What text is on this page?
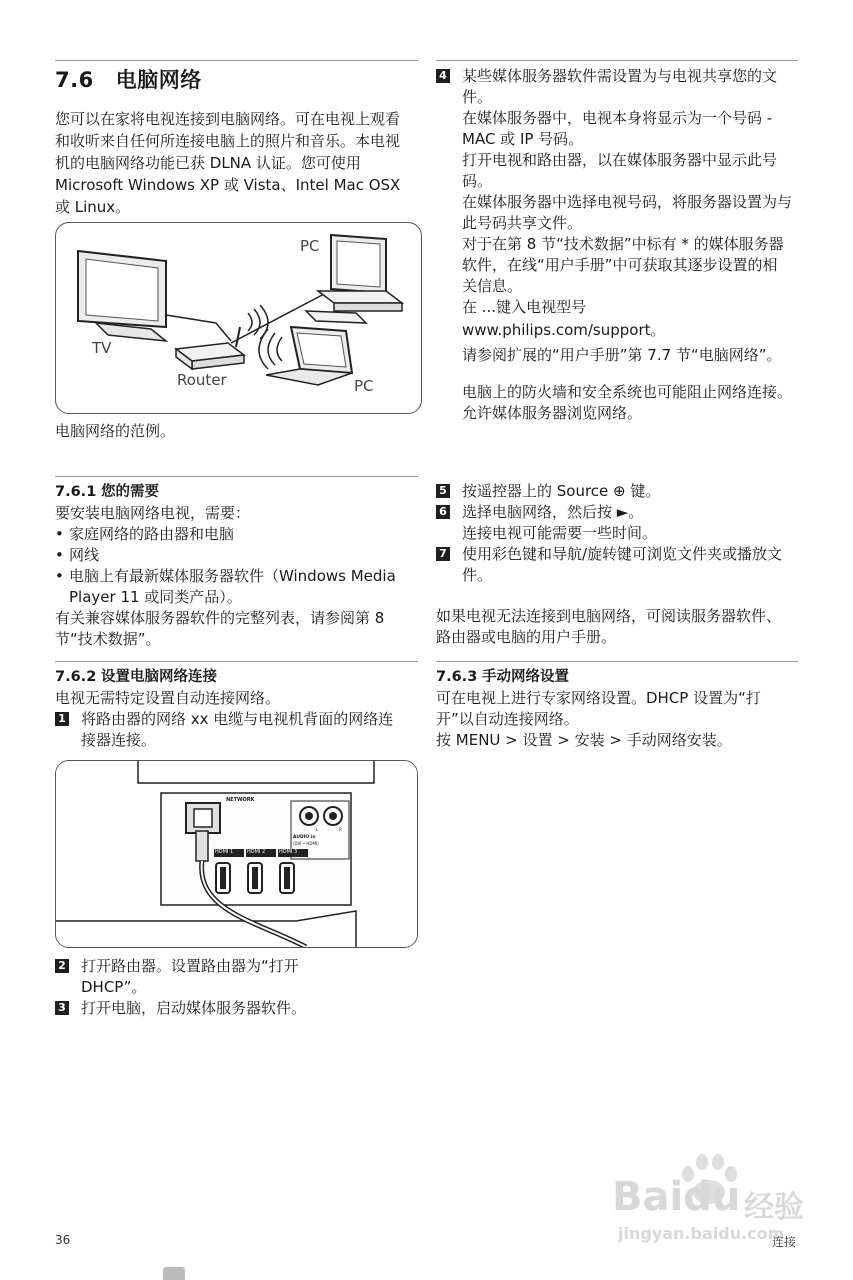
7.6 电脑网络

您可以在家将电视连接到电脑网络。可在电视上观看和收听来自任何所连接电脑上的照片和音乐。本电视机的电脑网络功能已获 DLNA 认证。您可使用 Microsoft Windows XP 或 Vista、Intel Mac OSX 或 Linux。

PC
TV
Router	PC

电脑网络的范例。

7.6.1 您的需要

要安装电脑网络电视，需要：

• 家庭网络的路由器和电脑
• 网线
• 电脑上有最新媒体服务器软件（Windows Media Player 11 或同类产品）。

有关兼容媒体服务器软件的完整列表，请参阅第 8 节“技术数据”。

7.6.2 设置电脑网络连接

电视无需特定设置自动连接网络。

1 将路由器的网络 xx 电缆与电视机背面的网络连接器连接。
NETWORK
HDMI 1	HDMI 2	HDMI 3
L	R
AUDIO in
(DVI • HDMI)
2 打开路由器。设置路由器为“打开 DHCP”。
3 打开电脑，启动媒体服务器软件。
4 某些媒体服务器软件需设置为与电视共享您的文件。

在媒体服务器中，电视本身将显示为一个号码 - MAC 或 IP 号码。

打开电视和路由器，以在媒体服务器中显示此号码。

在媒体服务器中选择电视号码，将服务器设置为与此号码共享文件。

对于在第 8 节“技术数据”中标有 * 的媒体服务器软件，在线“用户手册”中可获取其逐步设置的相关信息。

在 ...键入电视型号

www.philips.com/support。

请参阅扩展的“用户手册”第 7.7 节“电脑网络”。

电脑上的防火墙和安全系统也可能阻止网络连接。

允许媒体服务器浏览网络。

5 按遥控器上的 Source ⊕ 键。
6 选择电脑网络，然后按 ►。

连接电视可能需要一些时间。

7 使用彩色键和导航/旋转键可浏览文件夹或播放文件。

如果电视无法连接到电脑网络，可阅读服务器软件、路由器或电脑的用户手册。

7.6.3 手动网络设置

可在电视上进行专家网络设置。DHCP 设置为“打开”以自动连接网络。

按 MENU > 设置 > 安装 > 手动网络安装。

Baidu 经验
jingyan.baidu.com
36	连接
